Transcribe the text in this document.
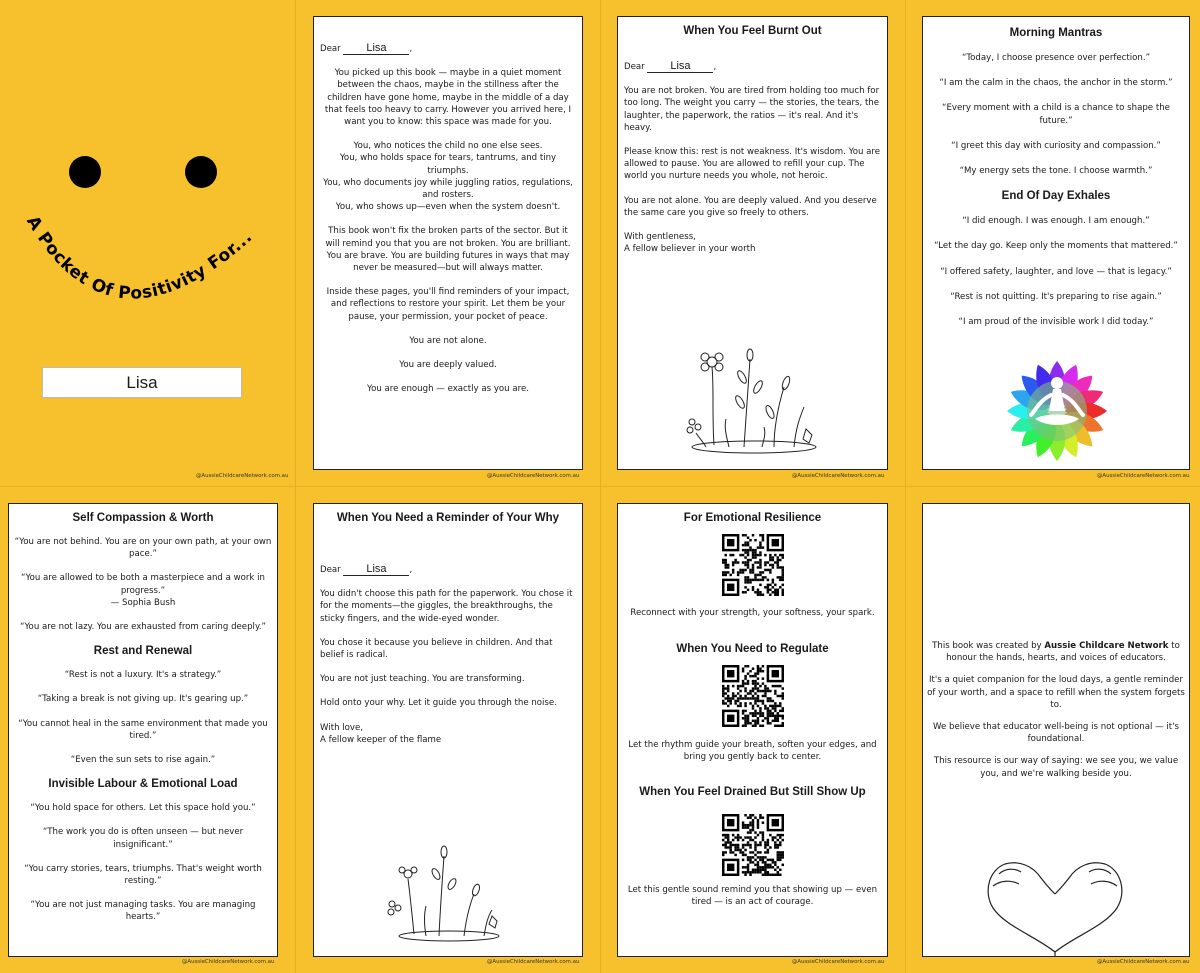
A Pocket Of Positivity For...
Lisa
@AussieChildcareNetwork.com.au

Dear Lisa	,

You picked up this book — maybe in a quiet moment between the chaos, maybe in the stillness after the children have gone home, maybe in the middle of a day that feels too heavy to carry. However you arrived here, I want you to know: this space was made for you.

You, who notices the child no one else sees.
You, who holds space for tears, tantrums, and tiny triumphs.
You, who documents joy while juggling ratios, regulations, and rosters.
You, who shows up—even when the system doesn't.

This book won't fix the broken parts of the sector. But it will remind you that you are not broken. You are brilliant. You are brave. You are building futures in ways that may never be measured—but will always matter.

Inside these pages, you'll find reminders of your impact, and reflections to restore your spirit. Let them be your pause, your permission, your pocket of peace.

You are not alone.

You are deeply valued.

You are enough — exactly as you are.

@AussieChildcareNetwork.com.au
When You Feel Burnt Out

Dear Lisa	,

You are not broken. You are tired from holding too much for too long. The weight you carry — the stories, the tears, the laughter, the paperwork, the ratios — it's real. And it's heavy.

Please know this: rest is not weakness. It's wisdom. You are allowed to pause. You are allowed to refill your cup. The world you nurture needs you whole, not heroic.

You are not alone. You are deeply valued. And you deserve the same care you give so freely to others.

With gentleness,
A fellow believer in your worth

@AussieChildcareNetwork.com.au
Morning Mantras

“Today, I choose presence over perfection.”

“I am the calm in the chaos, the anchor in the storm.”

“Every moment with a child is a chance to shape the future.”

“I greet this day with curiosity and compassion.”

“My energy sets the tone. I choose warmth.”

End Of Day Exhales

“I did enough. I was enough. I am enough.”

“Let the day go. Keep only the moments that mattered.”

“I offered safety, laughter, and love — that is legacy.”

“Rest is not quitting. It's preparing to rise again.”

“I am proud of the invisible work I did today.”

@AussieChildcareNetwork.com.au
Self Compassion & Worth

“You are not behind. You are on your own path, at your own pace.”

“You are allowed to be both a masterpiece and a work in progress.”
— Sophia Bush

“You are not lazy. You are exhausted from caring deeply.”

Rest and Renewal

“Rest is not a luxury. It's a strategy.”

“Taking a break is not giving up. It's gearing up.”

“You cannot heal in the same environment that made you tired.”

“Even the sun sets to rise again.”

Invisible Labour & Emotional Load

“You hold space for others. Let this space hold you.”

“The work you do is often unseen — but never insignificant.”

“You carry stories, tears, triumphs. That's weight worth resting.”

“You are not just managing tasks. You are managing hearts.”

@AussieChildcareNetwork.com.au
When You Need a Reminder of Your Why

Dear Lisa	,

You didn't choose this path for the paperwork. You chose it for the moments—the giggles, the breakthroughs, the sticky fingers, and the wide-eyed wonder.

You chose it because you believe in children. And that belief is radical.

You are not just teaching. You are transforming.

Hold onto your why. Let it guide you through the noise.

With love,
A fellow keeper of the flame

@AussieChildcareNetwork.com.au
For Emotional Resilience

Reconnect with your strength, your softness, your spark.

When You Need to Regulate

Let the rhythm guide your breath, soften your edges, and bring you gently back to center.

When You Feel Drained But Still Show Up

Let this gentle sound remind you that showing up — even tired — is an act of courage.

@AussieChildcareNetwork.com.au

This book was created by Aussie Childcare Network to honour the hands, hearts, and voices of educators.

It's a quiet companion for the loud days, a gentle reminder of your worth, and a space to refill when the system forgets to.

We believe that educator well-being is not optional — it's foundational.

This resource is our way of saying: we see you, we value you, and we're walking beside you.

@AussieChildcareNetwork.com.au
